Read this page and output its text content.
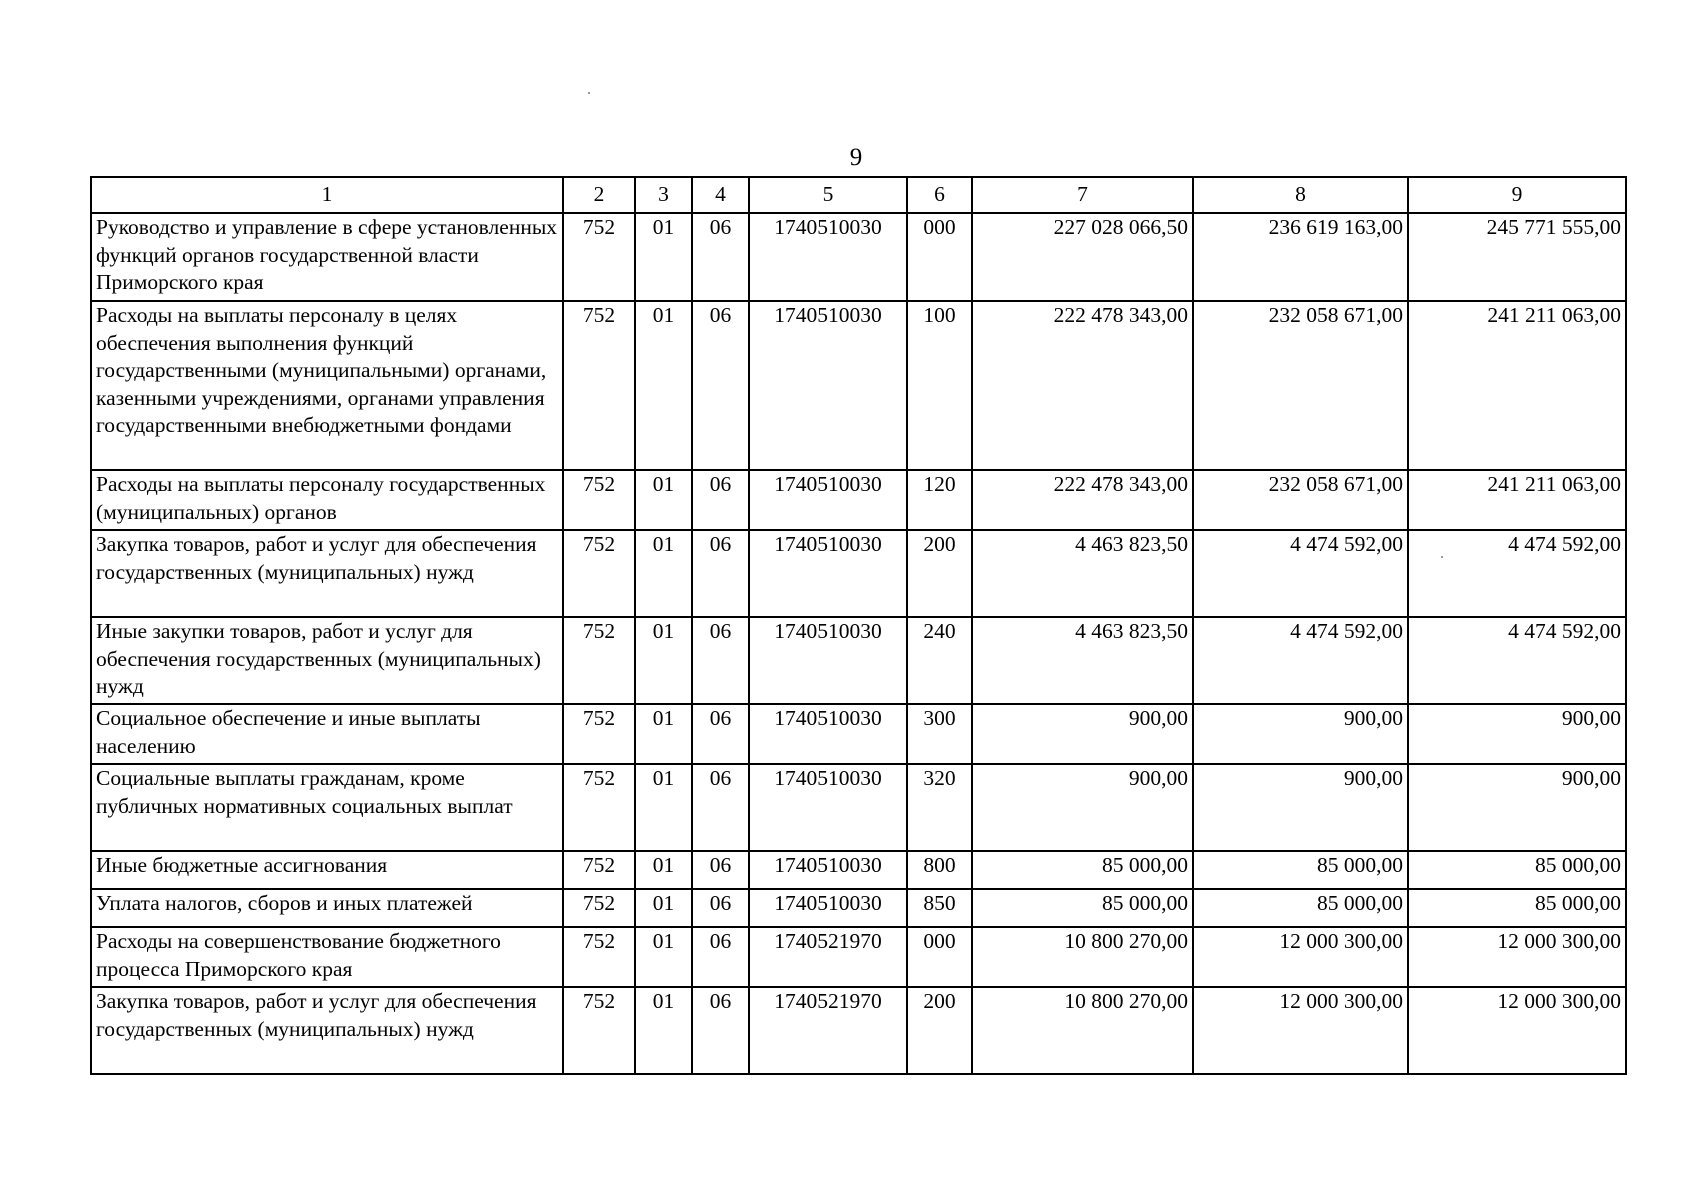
9
1	2	3	4	5	6	7	8	9
Руководство и управление в сфере установленных функций органов государственной власти Приморского края	752	01	06	1740510030	000	227 028 066,50	236 619 163,00	245 771 555,00
Расходы на выплаты персоналу в целях обеспечения выполнения функций государственными (муниципальными) органами, казенными учреждениями, органами управления государственными внебюджетными фондами	752	01	06	1740510030	100	222 478 343,00	232 058 671,00	241 211 063,00
Расходы на выплаты персоналу государственных (муниципальных) органов	752	01	06	1740510030	120	222 478 343,00	232 058 671,00	241 211 063,00
Закупка товаров, работ и услуг для обеспечения государственных (муниципальных) нужд	752	01	06	1740510030	200	4 463 823,50	4 474 592,00	4 474 592,00
Иные закупки товаров, работ и услуг для обеспечения государственных (муниципальных) нужд	752	01	06	1740510030	240	4 463 823,50	4 474 592,00	4 474 592,00
Социальное обеспечение и иные выплаты населению	752	01	06	1740510030	300	900,00	900,00	900,00
Социальные выплаты гражданам, кроме публичных нормативных социальных выплат	752	01	06	1740510030	320	900,00	900,00	900,00
Иные бюджетные ассигнования	752	01	06	1740510030	800	85 000,00	85 000,00	85 000,00
Уплата налогов, сборов и иных платежей	752	01	06	1740510030	850	85 000,00	85 000,00	85 000,00
Расходы на совершенствование бюджетного процесса Приморского края	752	01	06	1740521970	000	10 800 270,00	12 000 300,00	12 000 300,00
Закупка товаров, работ и услуг для обеспечения государственных (муниципальных) нужд	752	01	06	1740521970	200	10 800 270,00	12 000 300,00	12 000 300,00
